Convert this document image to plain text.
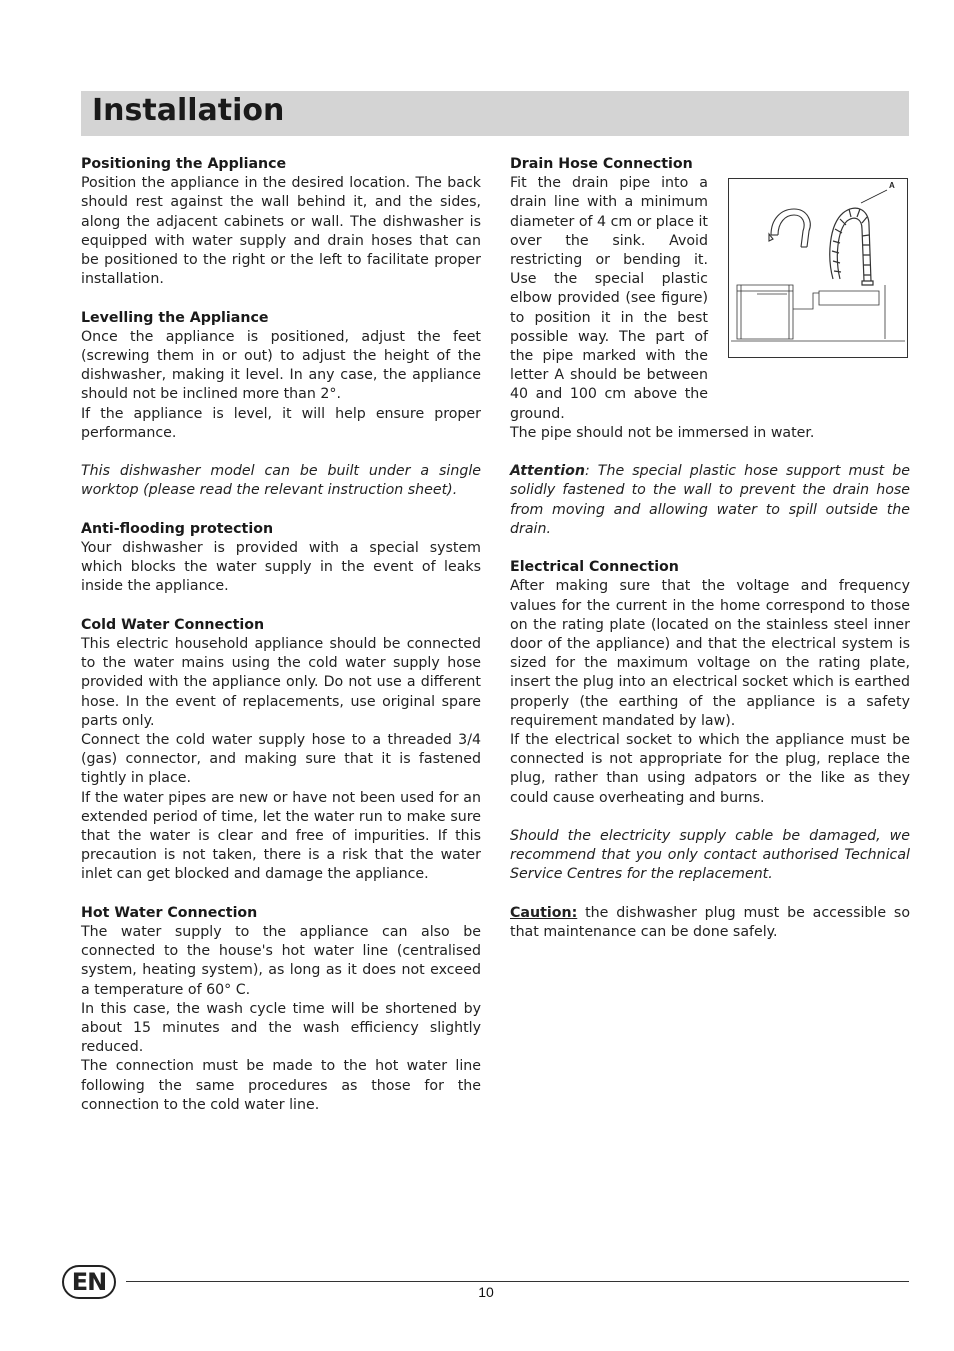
Installation
Positioning the Appliance

Position the appliance in the desired location. The back should rest against the wall behind it, and the sides, along the adjacent cabinets or wall. The dishwasher is equipped with water supply and drain hoses that can be positioned to the right or the left to facilitate proper installation.

Levelling the Appliance

Once the appliance is positioned, adjust the feet (screwing them in or out) to adjust the height of the dishwasher, making it level. In any case, the appliance should not be inclined more than 2°.

If the appliance is level, it will help ensure proper performance.

This dishwasher model can be built under a single worktop (please read the relevant instruction sheet).

Anti-flooding protection

Your dishwasher is provided with a special system which blocks the water supply in the event of leaks inside the appliance.

Cold Water Connection

This electric household appliance should be connected to the water mains using the cold water supply hose provided with the appliance only. Do not use a different hose. In the event of replacements, use original spare parts only.

Connect the cold water supply hose to a threaded 3/4 (gas) connector, and making sure that it is fastened tightly in place.

If the water pipes are new or have not been used for an extended period of time, let the water run to make sure that the water is clear and free of impurities. If this precaution is not taken, there is a risk that the water inlet can get blocked and damage the appliance.

Hot Water Connection

The water supply to the appliance can also be connected to the house's hot water line (centralised system, heating system), as long as it does not exceed a temperature of 60° C.

In this case, the wash cycle time will be shortened by about 15 minutes and the wash efficiency slightly reduced.

The connection must be made to the hot water line following the same procedures as those for the connection to the cold water line.

Drain Hose Connection

Fit the drain pipe into a drain line with a minimum diameter of 4 cm or place it over the sink. Avoid restricting or bending it. Use the special plastic elbow provided (see figure) to position it in the best possible way. The part of the pipe marked with the letter A should be between 40 and 100 cm above the ground.

The pipe should not be immersed in water.

Attention: The special plastic hose support must be solidly fastened to the wall to prevent the drain hose from moving and allowing water to spill outside the drain.

Electrical Connection

After making sure that the voltage and frequency values for the current in the home correspond to those on the rating plate (located on the stainless steel inner door of the appliance) and that the electrical system is sized for the maximum voltage on the rating plate, insert the plug into an electrical socket which is earthed properly (the earthing of the appliance is a safety requirement mandated by law).

If the electrical socket to which the appliance must be connected is not appropriate for the plug, replace the plug, rather than using adpators or the like as they could cause overheating and burns.

Should the electricity supply cable be damaged, we recommend that you only contact authorised Technical Service Centres for the replacement.

Caution: the dishwasher plug must be accessible so that maintenance can be done safely.

A
EN	10
